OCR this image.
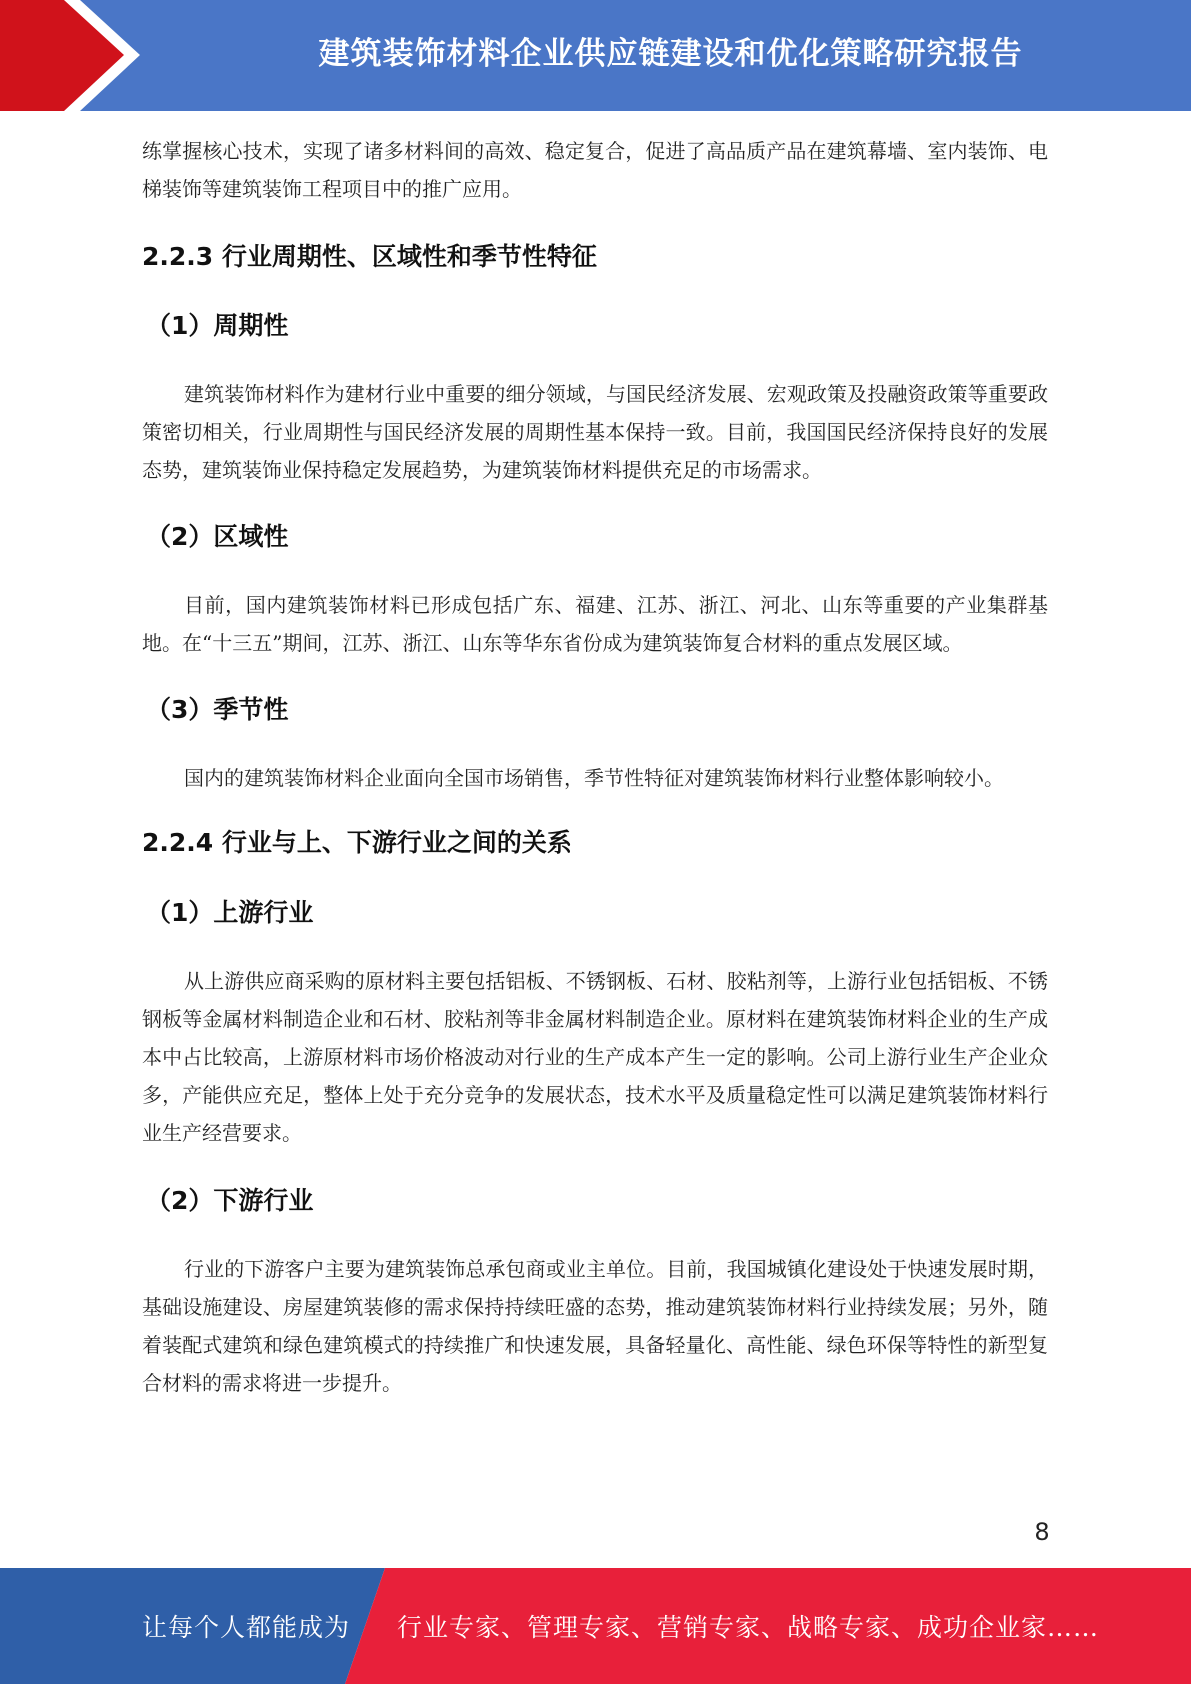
建筑装饰材料企业供应链建设和优化策略研究报告

练掌握核心技术，实现了诸多材料间的高效、稳定复合，促进了高品质产品在建筑幕墙、室内装饰、电梯装饰等建筑装饰工程项目中的推广应用。

2.2.3 行业周期性、区域性和季节性特征
（1）周期性

建筑装饰材料作为建材行业中重要的细分领域，与国民经济发展、宏观政策及投融资政策等重要政策密切相关，行业周期性与国民经济发展的周期性基本保持一致。目前，我国国民经济保持良好的发展态势，建筑装饰业保持稳定发展趋势，为建筑装饰材料提供充足的市场需求。

（2）区域性

目前，国内建筑装饰材料已形成包括广东、福建、江苏、浙江、河北、山东等重要的产业集群基地。在“十三五”期间，江苏、浙江、山东等华东省份成为建筑装饰复合材料的重点发展区域。

（3）季节性

国内的建筑装饰材料企业面向全国市场销售，季节性特征对建筑装饰材料行业整体影响较小。

2.2.4 行业与上、下游行业之间的关系
（1）上游行业

从上游供应商采购的原材料主要包括铝板、不锈钢板、石材、胶粘剂等，上游行业包括铝板、不锈钢板等金属材料制造企业和石材、胶粘剂等非金属材料制造企业。原材料在建筑装饰材料企业的生产成本中占比较高，上游原材料市场价格波动对行业的生产成本产生一定的影响。公司上游行业生产企业众多，产能供应充足，整体上处于充分竞争的发展状态，技术水平及质量稳定性可以满足建筑装饰材料行业生产经营要求。

（2）下游行业

行业的下游客户主要为建筑装饰总承包商或业主单位。目前，我国城镇化建设处于快速发展时期，基础设施建设、房屋建筑装修的需求保持持续旺盛的态势，推动建筑装饰材料行业持续发展；另外，随着装配式建筑和绿色建筑模式的持续推广和快速发展，具备轻量化、高性能、绿色环保等特性的新型复合材料的需求将进一步提升。

8
让每个人都能成为 行业专家、管理专家、营销专家、战略专家、成功企业家……
